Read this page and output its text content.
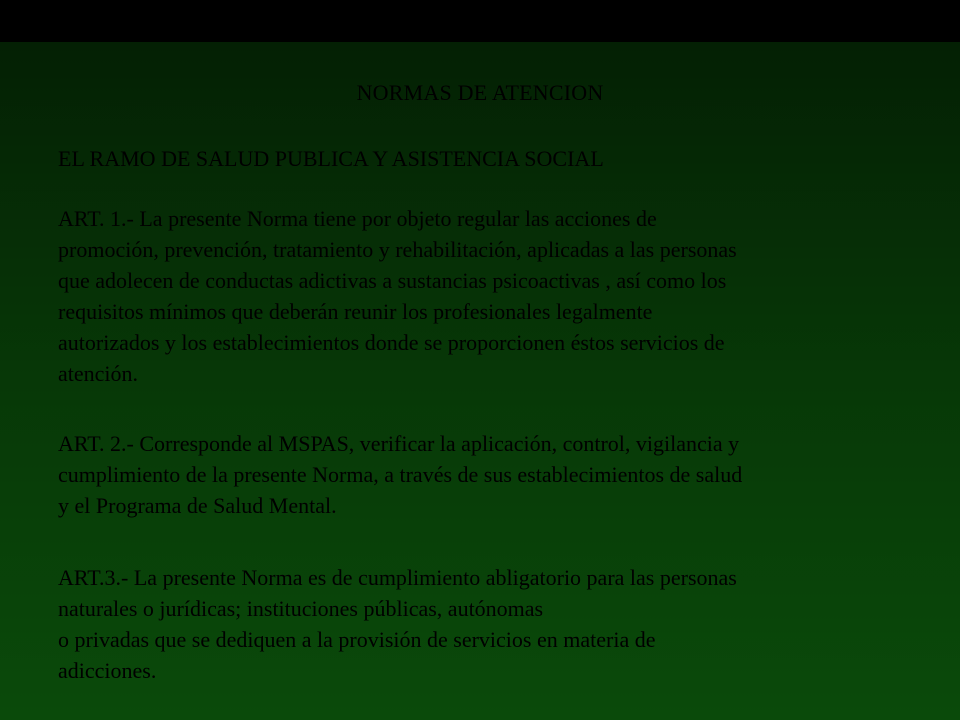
NORMAS DE ATENCION

EL RAMO DE SALUD PUBLICA Y ASISTENCIA SOCIAL

ART. 1.- La presente Norma tiene por objeto regular las acciones de

promoción, prevención, tratamiento y rehabilitación, aplicadas a las personas

que adolecen de conductas adictivas a sustancias psicoactivas , así como los

requisitos mínimos que deberán reunir los profesionales legalmente

autorizados y los establecimientos donde se proporcionen éstos servicios de

atención.

ART. 2.- Corresponde al MSPAS, verificar la aplicación, control, vigilancia y

cumplimiento de la presente Norma, a través de sus establecimientos de salud

y el Programa de Salud Mental.

ART.3.- La presente Norma es de cumplimiento abligatorio para las personas

naturales o jurídicas; instituciones públicas, autónomas

o privadas que se dediquen a la provisión de servicios en materia de

adicciones.
